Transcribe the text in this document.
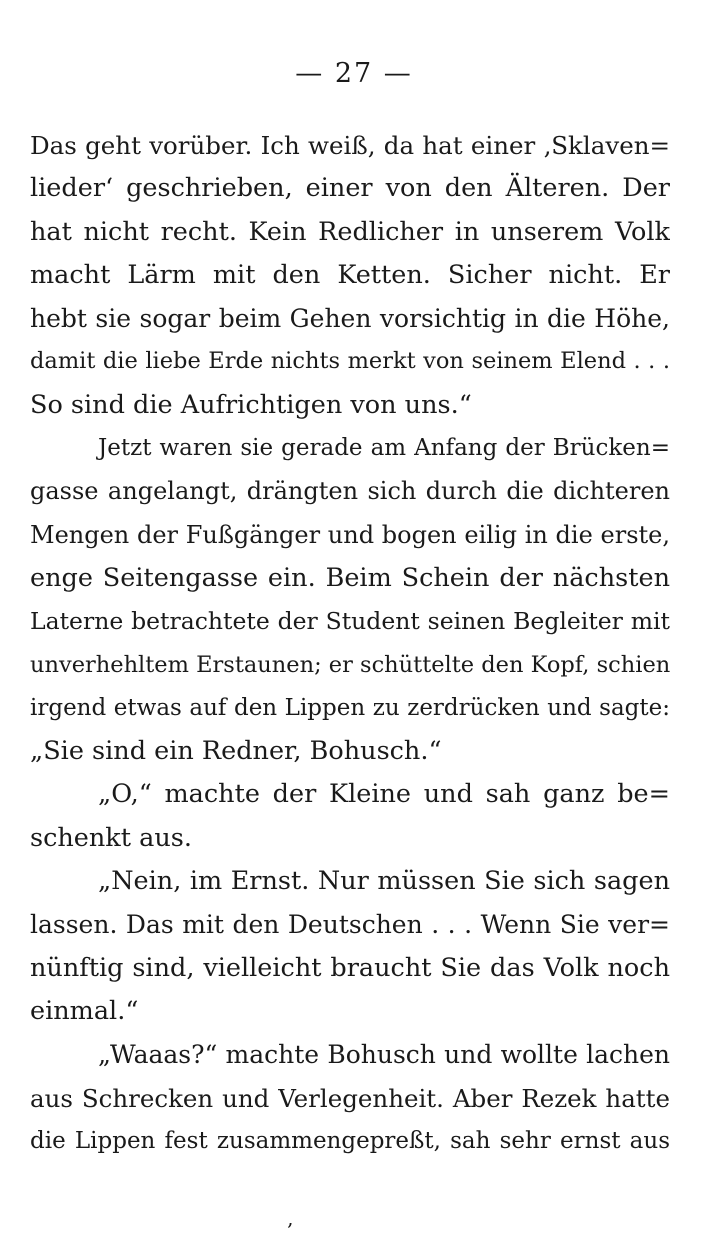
— 27 —
Das geht vorüber. Ich weiß, da hat einer ‚Sklaven=
lieder‘ geschrieben, einer von den Älteren. Der
hat nicht recht. Kein Redlicher in unserem Volk
macht Lärm mit den Ketten. Sicher nicht. Er
hebt sie sogar beim Gehen vorsichtig in die Höhe,
damit die liebe Erde nichts merkt von seinem Elend . . .
So sind die Aufrichtigen von uns.“
Jetzt waren sie gerade am Anfang der Brücken=
gasse angelangt, drängten sich durch die dichteren
Mengen der Fußgänger und bogen eilig in die erste,
enge Seitengasse ein. Beim Schein der nächsten
Laterne betrachtete der Student seinen Begleiter mit
unverhehltem Erstaunen; er schüttelte den Kopf, schien
irgend etwas auf den Lippen zu zerdrücken und sagte:
„Sie sind ein Redner, Bohusch.“
„O,“ machte der Kleine und sah ganz be=
schenkt aus.
„Nein, im Ernst. Nur müssen Sie sich sagen
lassen. Das mit den Deutschen . . . Wenn Sie ver=
nünftig sind, vielleicht braucht Sie das Volk noch
einmal.“
„Waaas?“ machte Bohusch und wollte lachen
aus Schrecken und Verlegenheit. Aber Rezek hatte
die Lippen fest zusammengepreßt, sah sehr ernst aus
‚
